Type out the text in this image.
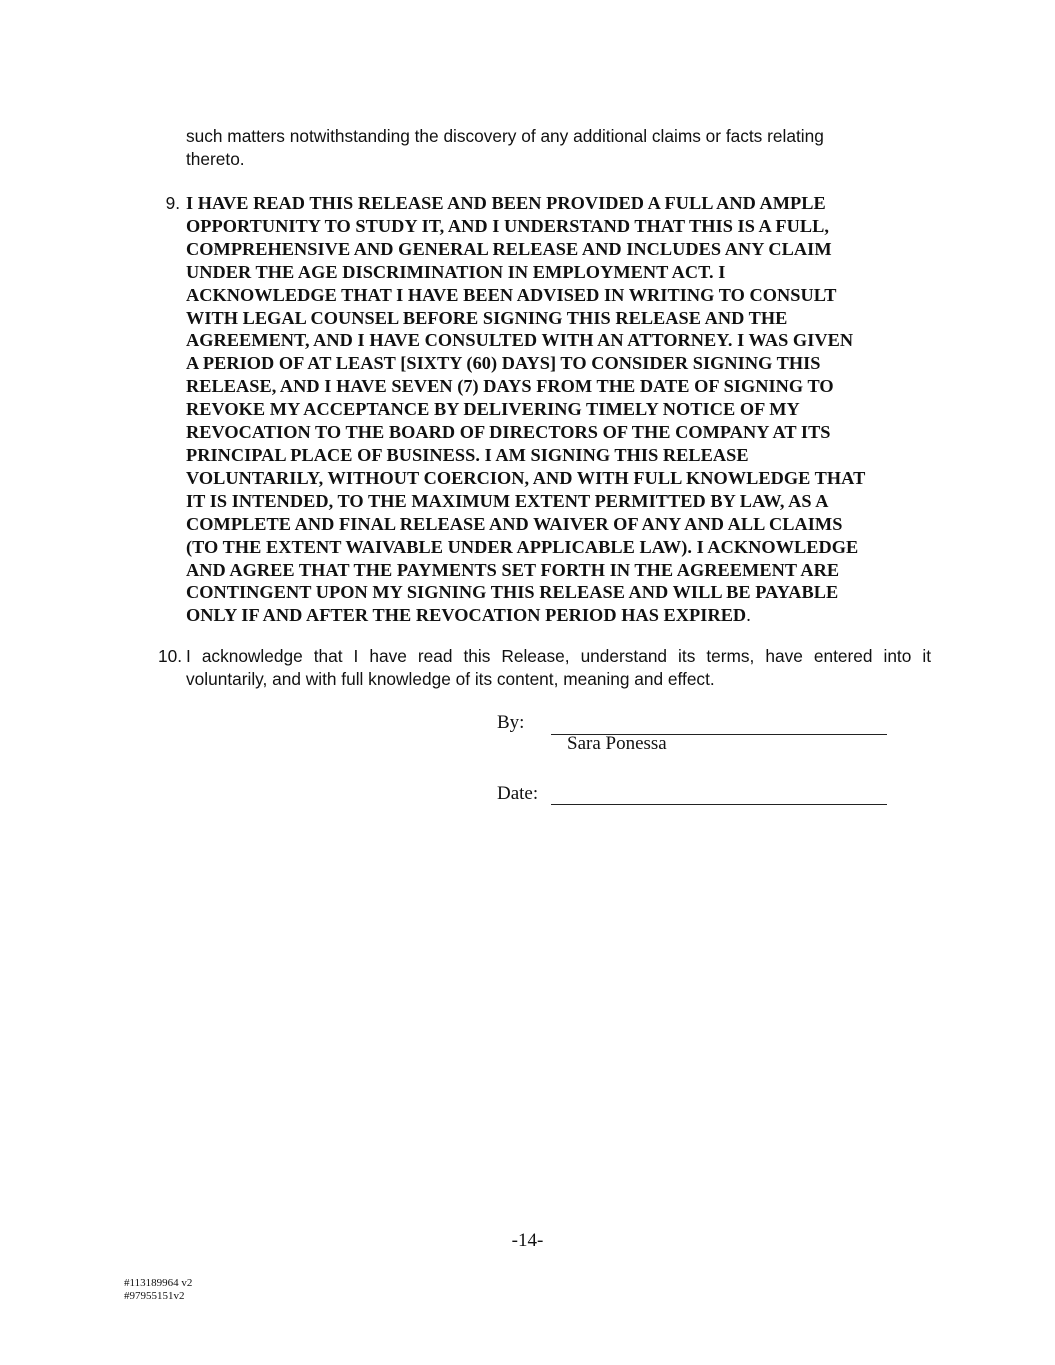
such matters notwithstanding the discovery of any additional claims or facts relating
thereto.
9. I HAVE READ THIS RELEASE AND BEEN PROVIDED A FULL AND AMPLE
OPPORTUNITY TO STUDY IT, AND I UNDERSTAND THAT THIS IS A FULL,
COMPREHENSIVE AND GENERAL RELEASE AND INCLUDES ANY CLAIM
UNDER THE AGE DISCRIMINATION IN EMPLOYMENT ACT. I
ACKNOWLEDGE THAT I HAVE BEEN ADVISED IN WRITING TO CONSULT
WITH LEGAL COUNSEL BEFORE SIGNING THIS RELEASE AND THE
AGREEMENT, AND I HAVE CONSULTED WITH AN ATTORNEY. I WAS GIVEN
A PERIOD OF AT LEAST [SIXTY (60) DAYS] TO CONSIDER SIGNING THIS
RELEASE, AND I HAVE SEVEN (7) DAYS FROM THE DATE OF SIGNING TO
REVOKE MY ACCEPTANCE BY DELIVERING TIMELY NOTICE OF MY
REVOCATION TO THE BOARD OF DIRECTORS OF THE COMPANY AT ITS
PRINCIPAL PLACE OF BUSINESS. I AM SIGNING THIS RELEASE
VOLUNTARILY, WITHOUT COERCION, AND WITH FULL KNOWLEDGE THAT
IT IS INTENDED, TO THE MAXIMUM EXTENT PERMITTED BY LAW, AS A
COMPLETE AND FINAL RELEASE AND WAIVER OF ANY AND ALL CLAIMS
(TO THE EXTENT WAIVABLE UNDER APPLICABLE LAW). I ACKNOWLEDGE
AND AGREE THAT THE PAYMENTS SET FORTH IN THE AGREEMENT ARE
CONTINGENT UPON MY SIGNING THIS RELEASE AND WILL BE PAYABLE
ONLY IF AND AFTER THE REVOCATION PERIOD HAS EXPIRED.
10. I acknowledge that I have read this Release, understand its terms, have entered into it
voluntarily, and with full knowledge of its content, meaning and effect.
By:
Sara Ponessa
Date:
-14-
#113189964 v2
#97955151v2
